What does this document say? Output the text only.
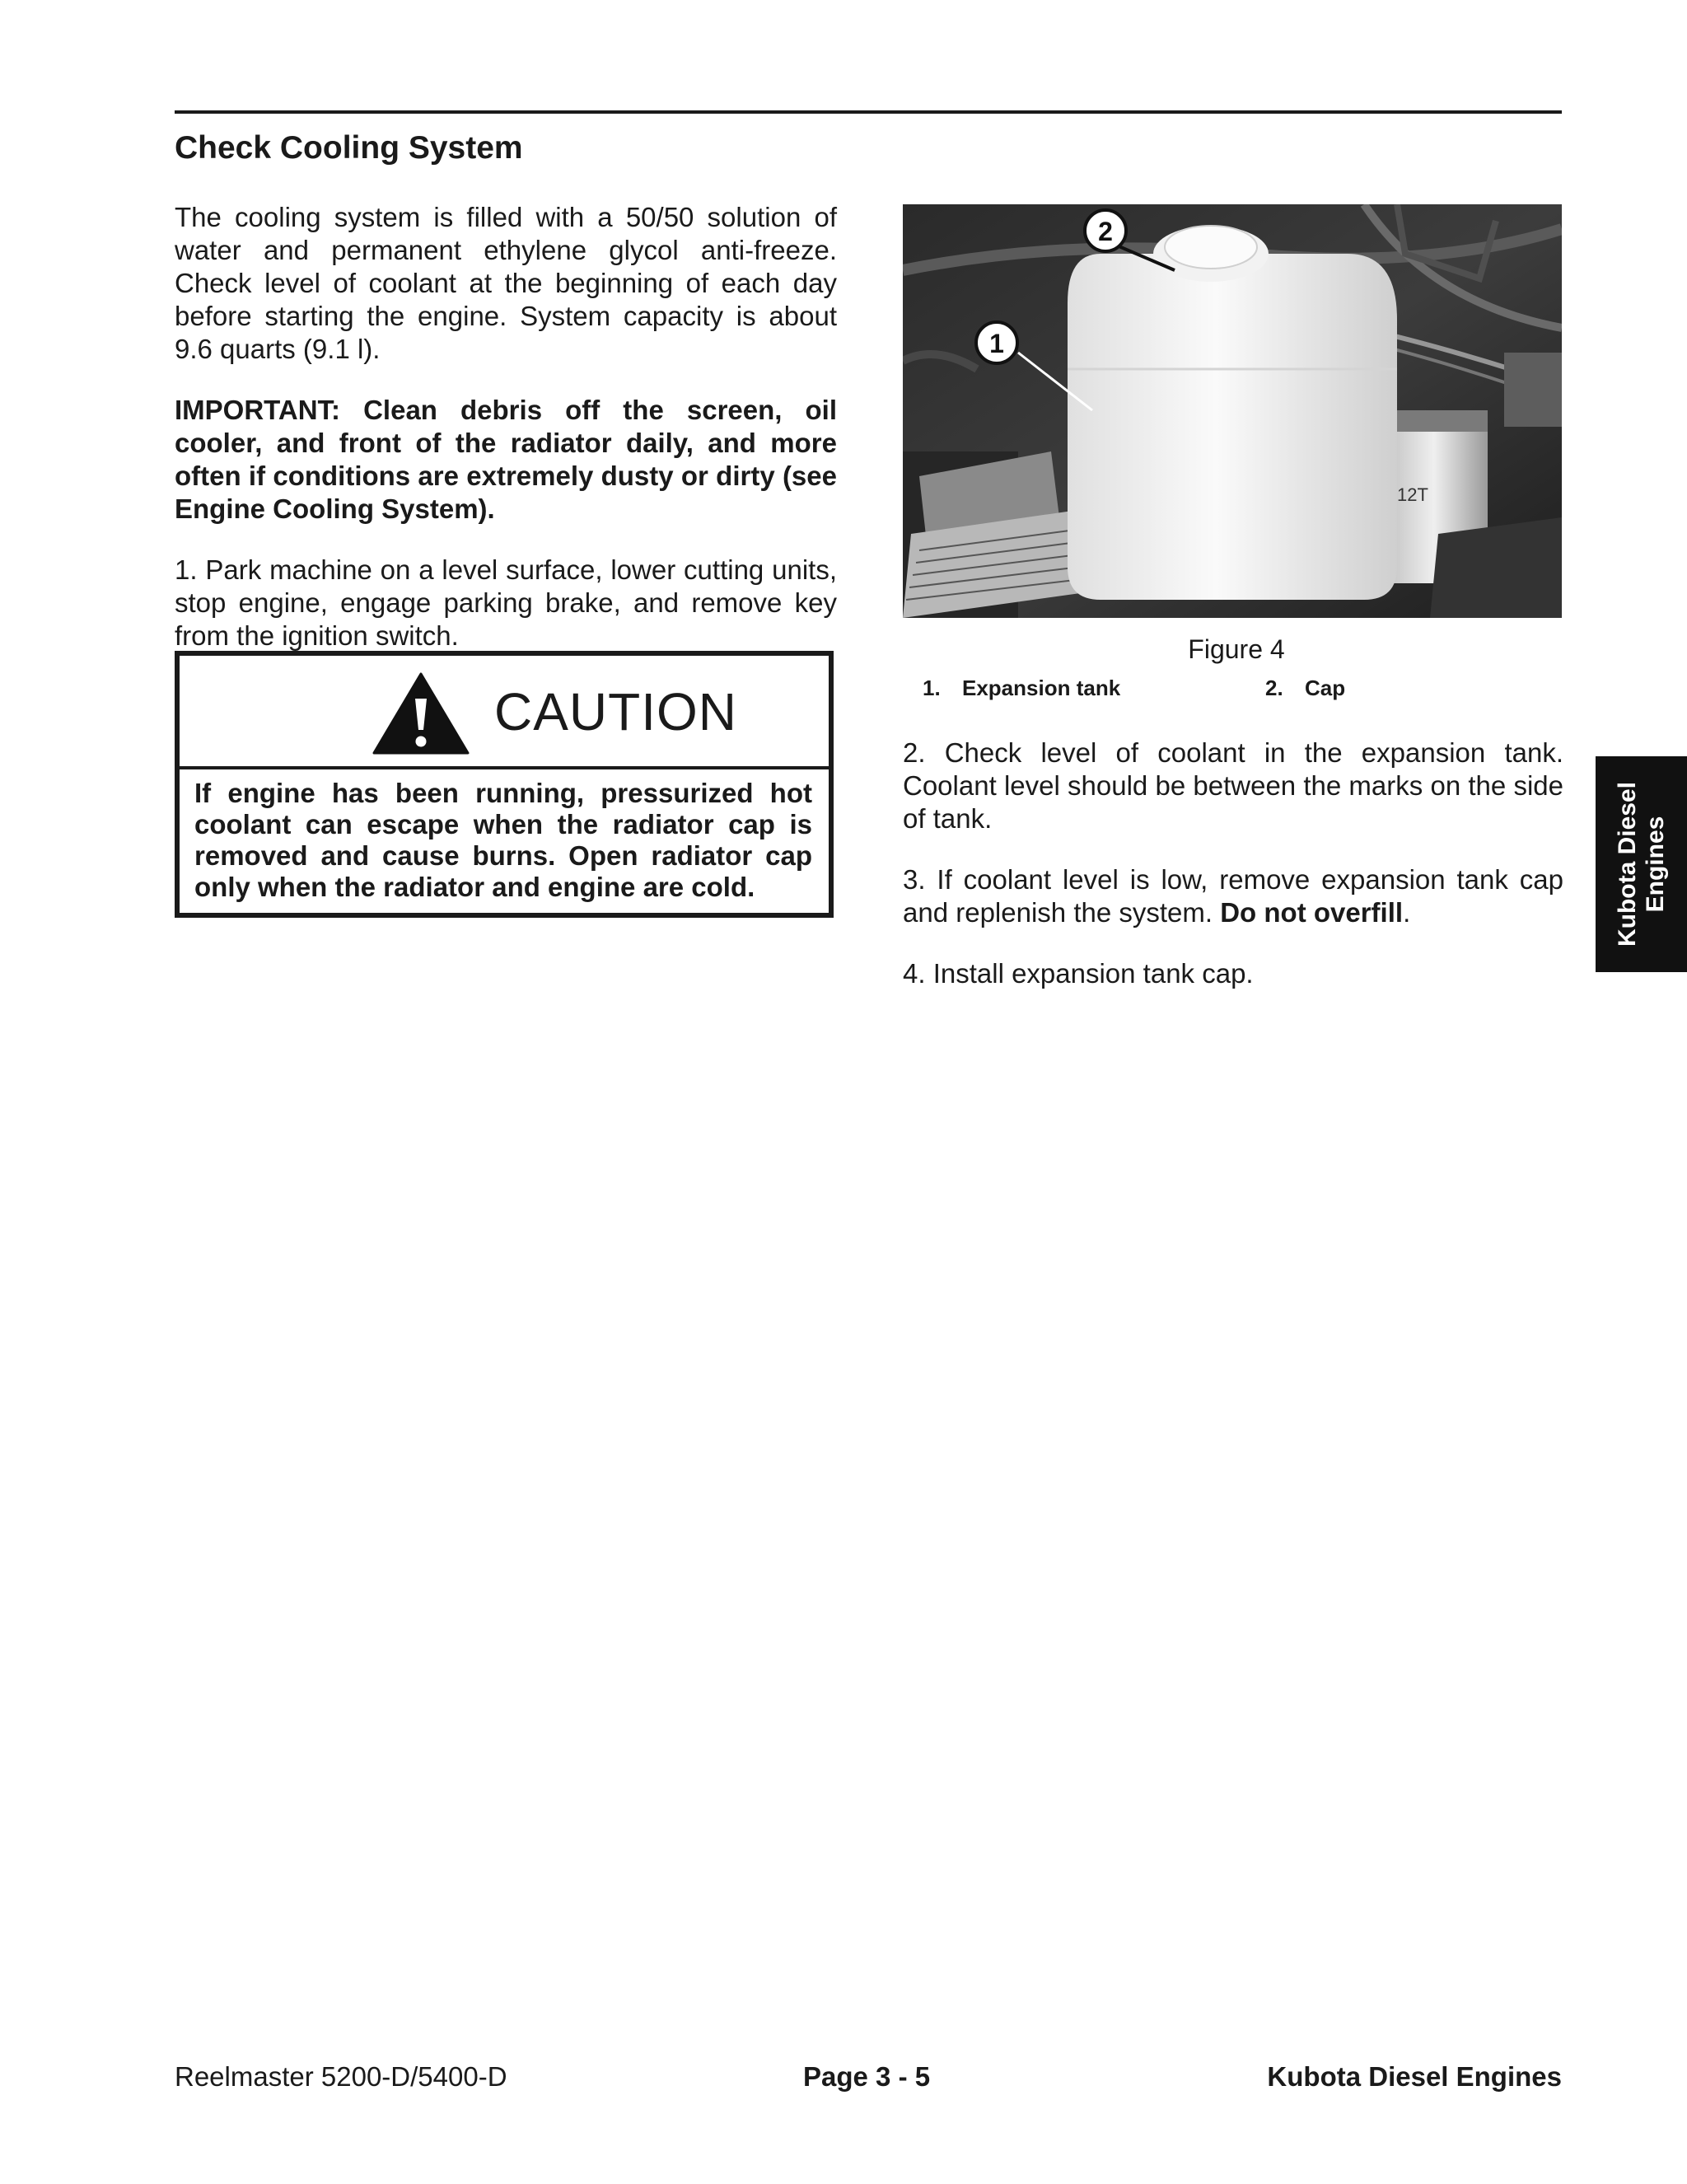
Check Cooling System

The cooling system is filled with a 50/50 solution of water and permanent ethylene glycol anti-freeze. Check level of coolant at the beginning of each day before starting the engine. System capacity is about 9.6 quarts (9.1 l).

IMPORTANT: Clean debris off the screen, oil cooler, and front of the radiator daily, and more often if conditions are extremely dusty or dirty (see Engine Cooling System).

1. Park machine on a level surface, lower cutting units, stop engine, engage parking brake, and remove key from the ignition switch.

CAUTION
If engine has been running, pressurized hot coolant can escape when the radiator cap is removed and cause burns. Open radiator cap only when the radiator and engine are cold.
12T
2
1
Figure 4
1. Expansion tank	2. Cap

2. Check level of coolant in the expansion tank. Coolant level should be between the marks on the side of tank.

3. If coolant level is low, remove expansion tank cap and replenish the system. Do not overfill.

4. Install expansion tank cap.

Kubota Diesel Engines
Reelmaster 5200-D/5400-D	Page 3 - 5	Kubota Diesel Engines
